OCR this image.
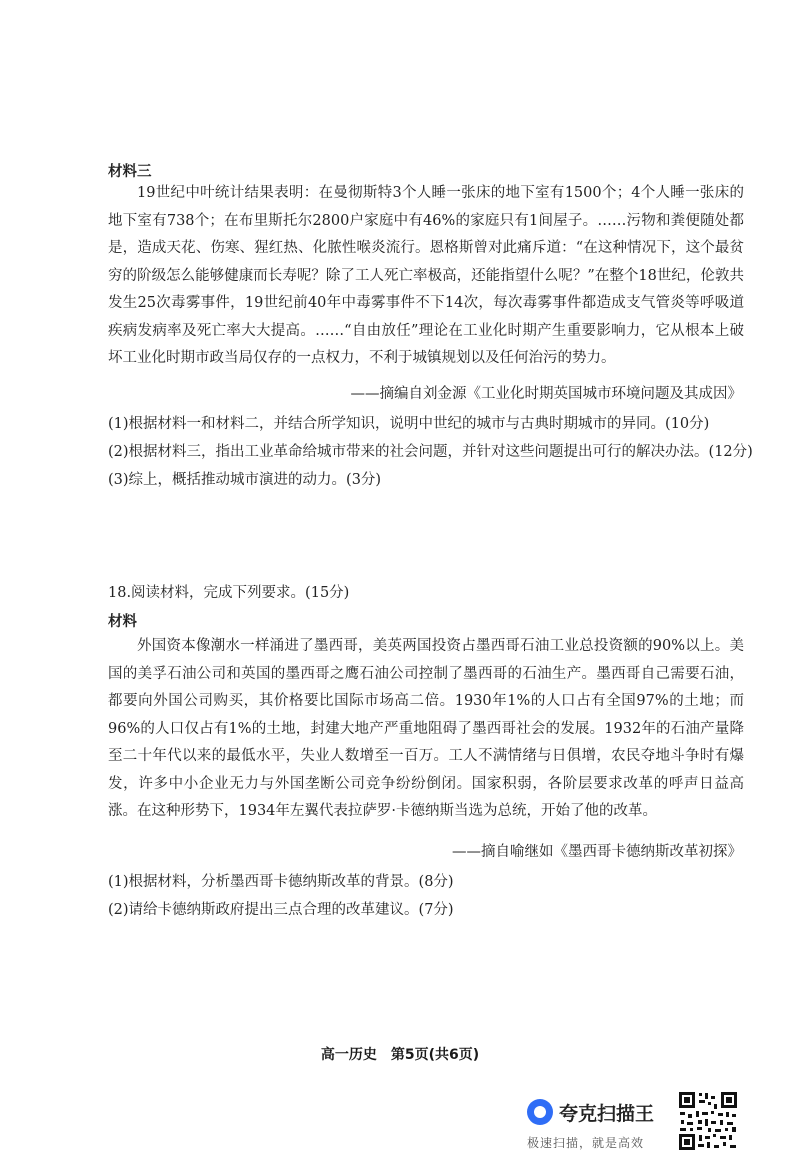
材料三

19世纪中叶统计结果表明：在曼彻斯特3个人睡一张床的地下室有1500个；4个人睡一张床的地下室有738个；在布里斯托尔2800户家庭中有46%的家庭只有1间屋子。……污物和粪便随处都是，造成天花、伤寒、猩红热、化脓性喉炎流行。恩格斯曾对此痛斥道：“在这种情况下，这个最贫穷的阶级怎么能够健康而长寿呢？除了工人死亡率极高，还能指望什么呢？”在整个18世纪，伦敦共发生25次毒雾事件，19世纪前40年中毒雾事件不下14次，每次毒雾事件都造成支气管炎等呼吸道疾病发病率及死亡率大大提高。……“自由放任”理论在工业化时期产生重要影响力，它从根本上破坏工业化时期市政当局仅存的一点权力，不利于城镇规划以及任何治污的势力。

——摘编自刘金源《工业化时期英国城市环境问题及其成因》
(1)根据材料一和材料二，并结合所学知识，说明中世纪的城市与古典时期城市的异同。(10分)
(2)根据材料三，指出工业革命给城市带来的社会问题，并针对这些问题提出可行的解决办法。(12分)
(3)综上，概括推动城市演进的动力。(3分)
18.阅读材料，完成下列要求。(15分)
材料

外国资本像潮水一样涌进了墨西哥，美英两国投资占墨西哥石油工业总投资额的90%以上。美国的美孚石油公司和英国的墨西哥之鹰石油公司控制了墨西哥的石油生产。墨西哥自己需要石油，都要向外国公司购买，其价格要比国际市场高二倍。1930年1%的人口占有全国97%的土地；而96%的人口仅占有1%的土地，封建大地产严重地阻碍了墨西哥社会的发展。1932年的石油产量降至二十年代以来的最低水平，失业人数增至一百万。工人不满情绪与日俱增，农民夺地斗争时有爆发，许多中小企业无力与外国垄断公司竞争纷纷倒闭。国家积弱，各阶层要求改革的呼声日益高涨。在这种形势下，1934年左翼代表拉萨罗·卡德纳斯当选为总统，开始了他的改革。

——摘自喻继如《墨西哥卡德纳斯改革初探》
(1)根据材料，分析墨西哥卡德纳斯改革的背景。(8分)
(2)请给卡德纳斯政府提出三点合理的改革建议。(7分)
高一历史　第5页(共6页)
夸克扫描王
极速扫描，就是高效
